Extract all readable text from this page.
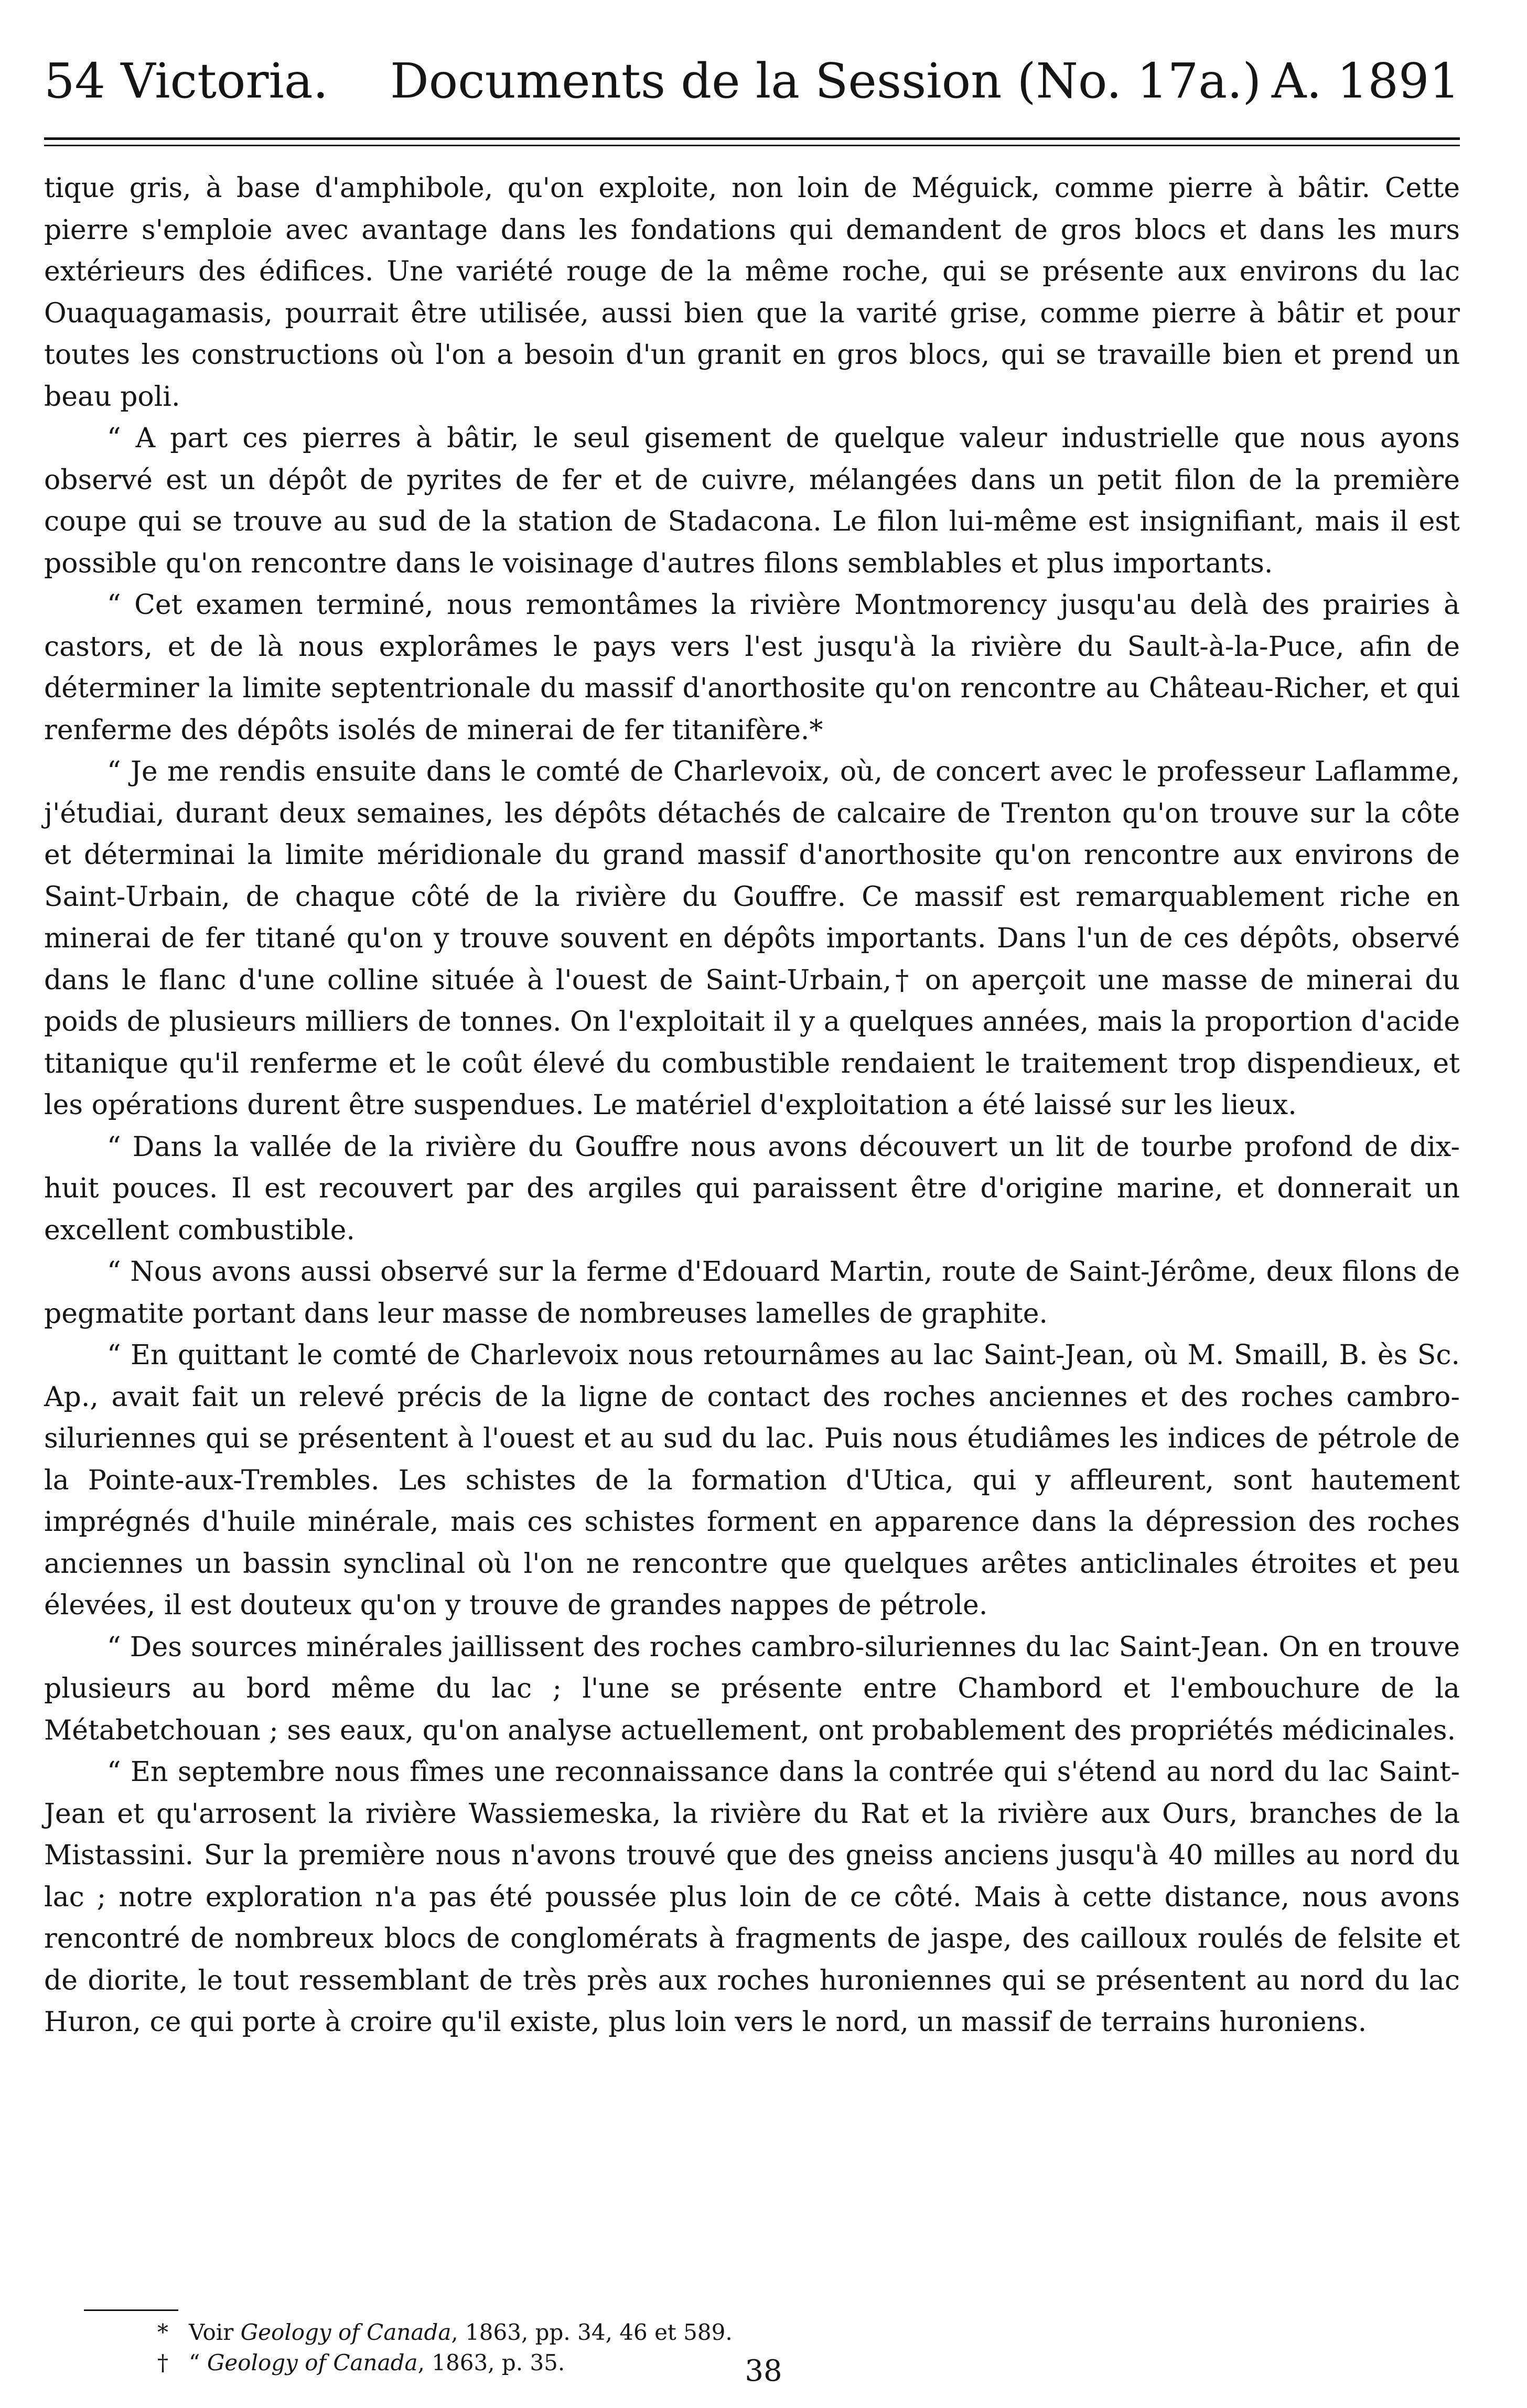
54 Victoria. Documents de la Session (No. 17a.) A. 1891

tique gris, à base d'amphibole, qu'on exploite, non loin de Méguick, comme pierre à bâtir. Cette pierre s'emploie avec avantage dans les fondations qui demandent de gros blocs et dans les murs extérieurs des édifices. Une variété rouge de la même roche, qui se présente aux environs du lac Ouaquagamasis, pourrait être utilisée, aussi bien que la varité grise, comme pierre à bâtir et pour toutes les constructions où l'on a besoin d'un granit en gros blocs, qui se travaille bien et prend un beau poli.

“ A part ces pierres à bâtir, le seul gisement de quelque valeur industrielle que nous ayons observé est un dépôt de pyrites de fer et de cuivre, mélangées dans un petit filon de la première coupe qui se trouve au sud de la station de Stadacona. Le filon lui-même est insignifiant, mais il est possible qu'on rencontre dans le voisinage d'autres filons semblables et plus importants.

“ Cet examen terminé, nous remontâmes la rivière Montmorency jusqu'au delà des prairies à castors, et de là nous explorâmes le pays vers l'est jusqu'à la rivière du Sault-à-la-Puce, afin de déterminer la limite septentrionale du massif d'anorthosite qu'on rencontre au Château-Richer, et qui renferme des dépôts isolés de minerai de fer titanifère.*

“ Je me rendis ensuite dans le comté de Charlevoix, où, de concert avec le professeur Laflamme, j'étudiai, durant deux semaines, les dépôts détachés de calcaire de Trenton qu'on trouve sur la côte et déterminai la limite méridionale du grand massif d'anorthosite qu'on rencontre aux environs de Saint-Urbain, de chaque côté de la rivière du Gouffre. Ce massif est remarquablement riche en minerai de fer titané qu'on y trouve souvent en dépôts importants. Dans l'un de ces dépôts, observé dans le flanc d'une colline située à l'ouest de Saint-Urbain,† on aperçoit une masse de minerai du poids de plusieurs milliers de tonnes. On l'exploitait il y a quelques années, mais la proportion d'acide titanique qu'il renferme et le coût élevé du combustible rendaient le traitement trop dispendieux, et les opérations durent être suspendues. Le matériel d'exploitation a été laissé sur les lieux.

“ Dans la vallée de la rivière du Gouffre nous avons découvert un lit de tourbe profond de dix-huit pouces. Il est recouvert par des argiles qui paraissent être d'origine marine, et donnerait un excellent combustible.

“ Nous avons aussi observé sur la ferme d'Edouard Martin, route de Saint-Jérôme, deux filons de pegmatite portant dans leur masse de nombreuses lamelles de graphite.

“ En quittant le comté de Charlevoix nous retournâmes au lac Saint-Jean, où M. Smaill, B. ès Sc. Ap., avait fait un relevé précis de la ligne de contact des roches anciennes et des roches cambro-siluriennes qui se présentent à l'ouest et au sud du lac. Puis nous étudiâmes les indices de pétrole de la Pointe-aux-Trembles. Les schistes de la formation d'Utica, qui y affleurent, sont hautement imprégnés d'huile minérale, mais ces schistes forment en apparence dans la dépression des roches anciennes un bassin synclinal où l'on ne rencontre que quelques arêtes anticlinales étroites et peu élevées, il est douteux qu'on y trouve de grandes nappes de pétrole.

“ Des sources minérales jaillissent des roches cambro-siluriennes du lac Saint-Jean. On en trouve plusieurs au bord même du lac ; l'une se présente entre Chambord et l'embouchure de la Métabetchouan ; ses eaux, qu'on analyse actuellement, ont probablement des propriétés médicinales.

“ En septembre nous fîmes une reconnaissance dans la contrée qui s'étend au nord du lac Saint-Jean et qu'arrosent la rivière Wassiemeska, la rivière du Rat et la rivière aux Ours, branches de la Mistassini. Sur la première nous n'avons trouvé que des gneiss anciens jusqu'à 40 milles au nord du lac ; notre exploration n'a pas été poussée plus loin de ce côté. Mais à cette distance, nous avons rencontré de nombreux blocs de conglomérats à fragments de jaspe, des cailloux roulés de felsite et de diorite, le tout ressemblant de très près aux roches huroniennes qui se présentent au nord du lac Huron, ce qui porte à croire qu'il existe, plus loin vers le nord, un massif de terrains huroniens.

* Voir Geology of Canada, 1863, pp. 34, 46 et 589.
† “ Geology of Canada, 1863, p. 35.	38
